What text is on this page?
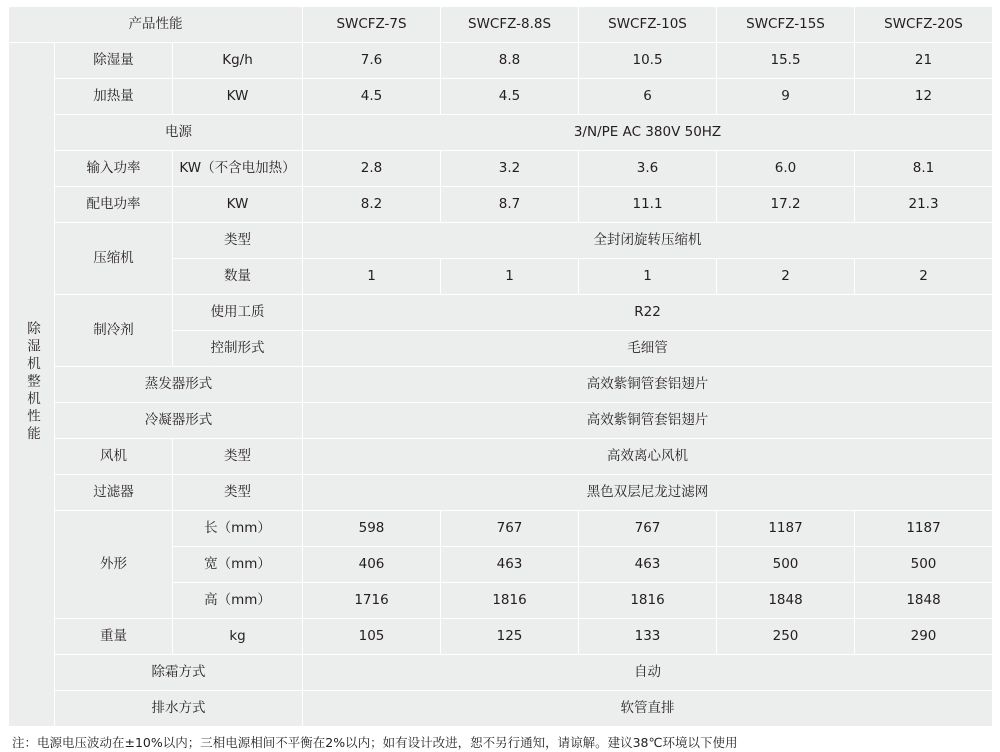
产品性能			SWCFZ-7S	SWCFZ-8.8S	SWCFZ-10S	SWCFZ-15S	SWCFZ-20S
除湿机整机性能	除湿量	Kg/h	7.6	8.8	10.5	15.5	21
	加热量	KW	4.5	4.5	6	9	12
	电源		3/N/PE AC 380V 50HZ				
	输入功率	KW（不含电加热）	2.8	3.2	3.6	6.0	8.1
	配电功率	KW	8.2	8.7	11.1	17.2	21.3
	压缩机	类型	全封闭旋转压缩机				
		数量	1	1	1	2	2
	制冷剂	使用工质	R22				
		控制形式	毛细管				
	蒸发器形式		高效紫铜管套铝翅片				
	冷凝器形式		高效紫铜管套铝翅片				
	风机	类型	高效离心风机				
	过滤器	类型	黑色双层尼龙过滤网				
	外形	长（mm）	598	767	767	1187	1187
		宽（mm）	406	463	463	500	500
		高（mm）	1716	1816	1816	1848	1848
	重量	kg	105	125	133	250	290
	除霜方式		自动				
	排水方式		软管直排				
注：电源电压波动在±10%以内；三相电源相间不平衡在2%以内；如有设计改进，恕不另行通知，请谅解。建议38℃环境以下使用
